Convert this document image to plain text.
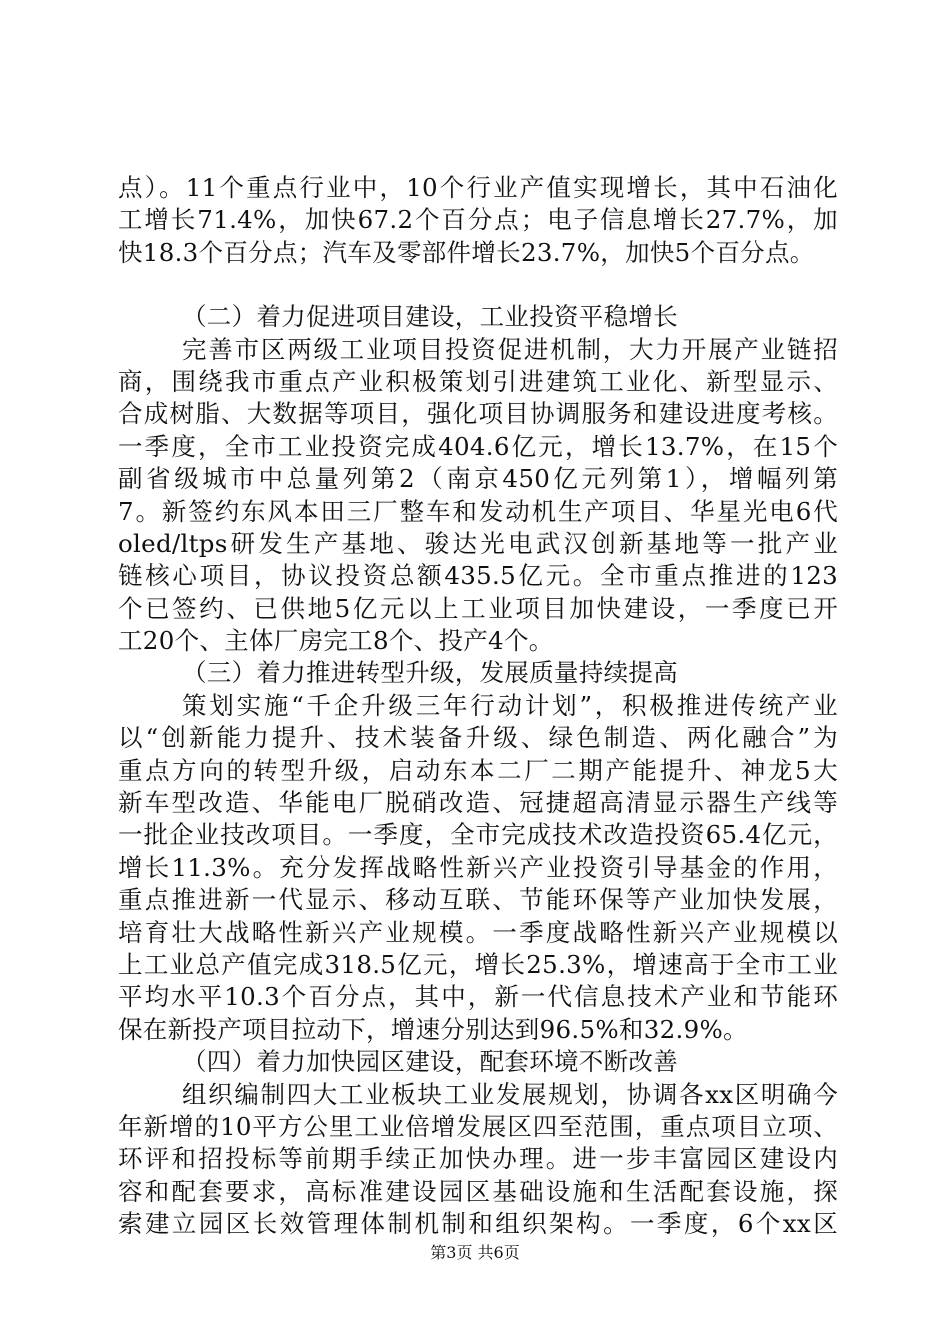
点）。11个重点行业中，10个行业产值实现增长，其中石油化
工增长71.4%，加快67.2个百分点；电子信息增长27.7%，加
快18.3个百分点；汽车及零部件增长23.7%，加快5个百分点。
（二）着力促进项目建设，工业投资平稳增长
完善市区两级工业项目投资促进机制，大力开展产业链招
商，围绕我市重点产业积极策划引进建筑工业化、新型显示、
合成树脂、大数据等项目，强化项目协调服务和建设进度考核。
一季度，全市工业投资完成404.6亿元，增长13.7%，在15个
副省级城市中总量列第2（南京450亿元列第1），增幅列第
7。新签约东风本田三厂整车和发动机生产项目、华星光电6代
oled/ltps研发生产基地、骏达光电武汉创新基地等一批产业
链核心项目，协议投资总额435.5亿元。全市重点推进的123
个已签约、已供地5亿元以上工业项目加快建设，一季度已开
工20个、主体厂房完工8个、投产4个。
（三）着力推进转型升级，发展质量持续提高
策划实施“千企升级三年行动计划”，积极推进传统产业
以“创新能力提升、技术装备升级、绿色制造、两化融合”为
重点方向的转型升级，启动东本二厂二期产能提升、神龙5大
新车型改造、华能电厂脱硝改造、冠捷超高清显示器生产线等
一批企业技改项目。一季度，全市完成技术改造投资65.4亿元，
增长11.3%。充分发挥战略性新兴产业投资引导基金的作用，
重点推进新一代显示、移动互联、节能环保等产业加快发展，
培育壮大战略性新兴产业规模。一季度战略性新兴产业规模以
上工业总产值完成318.5亿元，增长25.3%，增速高于全市工业
平均水平10.3个百分点，其中，新一代信息技术产业和节能环
保在新投产项目拉动下，增速分别达到96.5%和32.9%。
（四）着力加快园区建设，配套环境不断改善
组织编制四大工业板块工业发展规划，协调各xx区明确今
年新增的10平方公里工业倍增发展区四至范围，重点项目立项、
环评和招投标等前期手续正加快办理。进一步丰富园区建设内
容和配套要求，高标准建设园区基础设施和生活配套设施，探
索建立园区长效管理体制机制和组织架构。一季度，6个xx区
第3页 共6页
